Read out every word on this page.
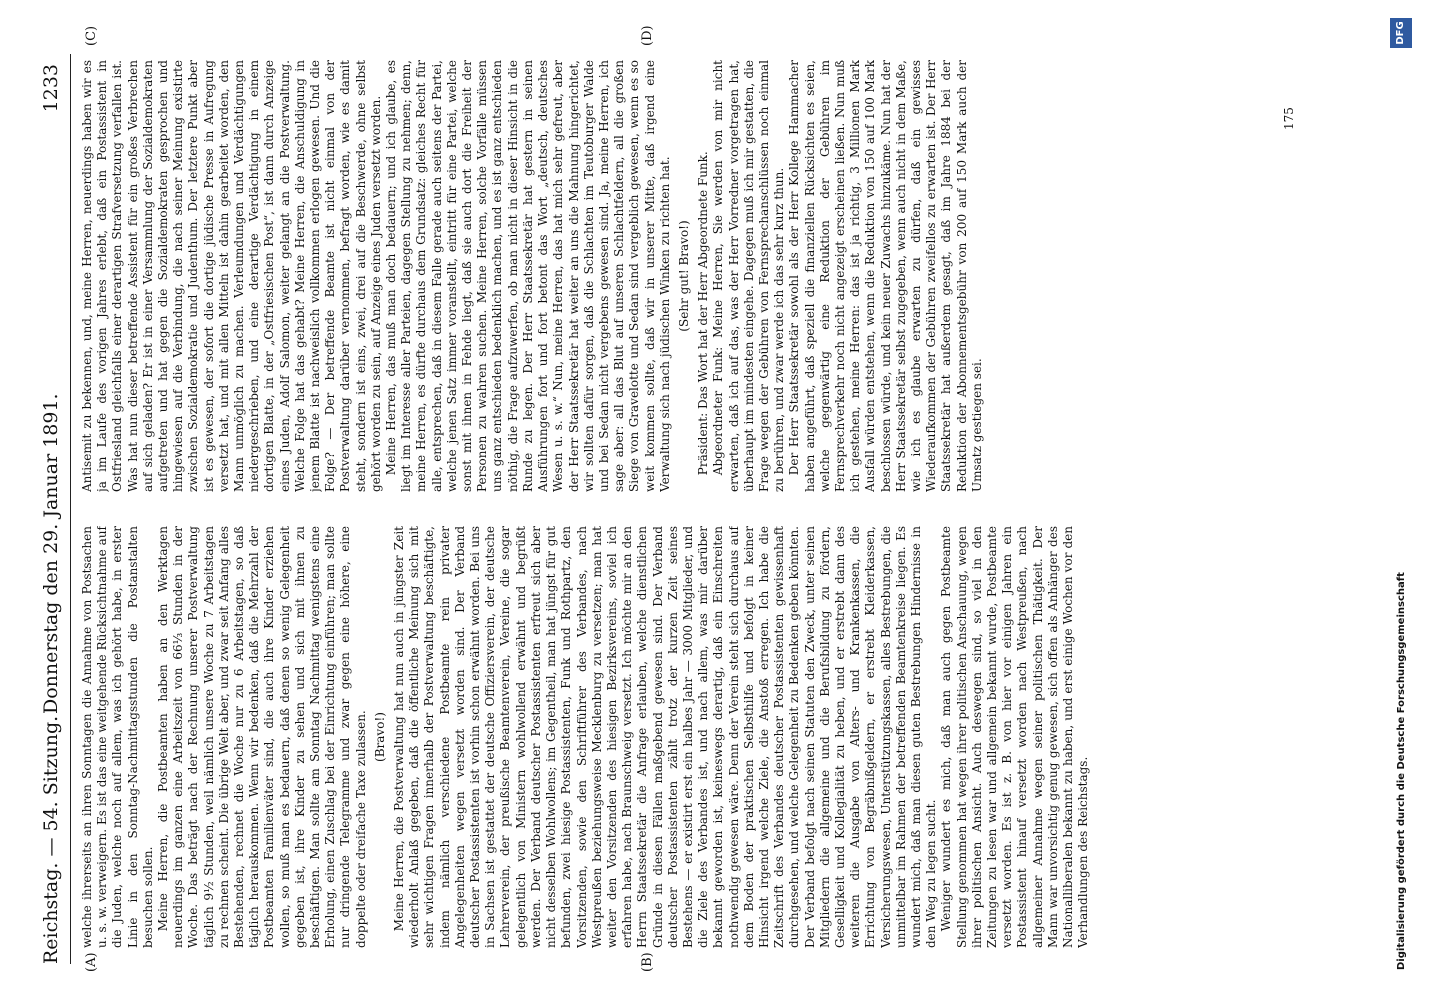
Reichstag. — 54. Sitzung.
Donnerstag den 29. Januar 1891.
1233
(A)	(B)
(C)	(D)

welche ihrerseits an ihren Sonntagen die Annahme von Postsachen u. s. w. verweigern. Es ist das eine weitgehende Rücksichtnahme auf die Juden, welche noch auf allem, was ich gehört habe, in erster Linie in den Sonntag-Nachmittagsstunden die Postanstalten besuchen sollen. Meine Herren, die Postbeamten haben an den Werktagen neuerdings im ganzen eine Arbeitszeit von 66⅓ Stunden in der Woche. Das beträgt nach der Rechnung unserer Postverwaltung täglich 9½ Stunden, weil nämlich unsere Woche zu 7 Arbeitstagen zu rechnen scheint. Die übrige Welt aber, und zwar seit Anfang alles Bestehenden, rechnet die Woche nur zu 6 Arbeitstagen, so daß täglich herauskommen. Wenn wir bedenken, daß die Mehrzahl der Postbeamten Familienväter sind, die auch ihre Kinder erziehen wollen, so muß man es bedauern, daß denen so wenig Gelegenheit gegeben ist, ihre Kinder zu sehen und sich mit ihnen zu beschäftigen. Man sollte am Sonntag Nachmittag wenigstens eine Erholung, einen Zuschlag bei der Einrichtung einführen; man sollte nur dringende Telegramme und zwar gegen eine höhere, eine doppelte oder dreifache Taxe zulassen. (Bravo!) Meine Herren, die Postverwaltung hat nun auch in jüngster Zeit wiederholt Anlaß gegeben, daß die öffentliche Meinung sich mit sehr wichtigen Fragen innerhalb der Postverwaltung beschäftigte, indem nämlich verschiedene Postbeamte rein privater Angelegenheiten wegen versetzt worden sind. Der Verband deutscher Postassistenten ist vorhin schon erwähnt worden. Bei uns in Sachsen ist gestattet der deutsche Offiziersverein, der deutsche Lehrerverein, der preußische Beamtenverein, Vereine, die sogar gelegentlich von Ministern wohlwollend erwähnt und begrüßt werden. Der Verband deutscher Postassistenten erfreut sich aber nicht desselben Wohlwollens; im Gegentheil, man hat jüngst für gut befunden, zwei hiesige Postassistenten, Funk und Rothpartz, den Vorsitzenden, sowie den Schriftführer des Verbandes, nach Westpreußen beziehungsweise Mecklenburg zu versetzen; man hat weiter den Vorsitzenden des hiesigen Bezirksvereins, soviel ich erfahren habe, nach Braunschweig versetzt. Ich möchte mir an den Herrn Staatssekretär die Anfrage erlauben, welche dienstlichen Gründe in diesen Fällen maßgebend gewesen sind. Der Verband deutscher Postassistenten zählt trotz der kurzen Zeit seines Bestehens — er existirt erst ein halbes Jahr — 3000 Mitglieder, und die Ziele des Verbandes ist, und nach allem, was mir darüber bekannt geworden ist, keineswegs derartig, daß ein Einschreiten nothwendig gewesen wäre. Denn der Verein steht sich durchaus auf dem Boden der praktischen Selbsthilfe und befolgt in keiner Hinsicht irgend welche Ziele, die Anstoß erregen. Ich habe die Zeitschrift des Verbandes deutscher Postassistenten gewissenhaft durchgesehen, und welche Gelegenheit zu Bedenken geben könnten. Der Verband befolgt nach seinen Statuten den Zweck, unter seinen Mitgliedern die allgemeine und die Berufsbildung zu fördern, Geselligkeit und Kollegialität zu heben, und er erstrebt dann des weiteren die Ausgabe von Alters- und Krankenkassen, die Errichtung von Begräbnißgeldern, er erstrebt Kleiderkassen, Versicherungswesen, Unterstützungskassen, alles Bestrebungen, die unmittelbar im Rahmen der betreffenden Beamtenkreise liegen. Es wundert mich, daß man diesen guten Bestrebungen Hindernisse in den Weg zu legen sucht. Weniger wundert es mich, daß man auch gegen Postbeamte Stellung genommen hat wegen ihrer politischen Anschauung, wegen ihrer politischen Ansicht. Auch deswegen sind, so viel in den Zeitungen zu lesen war und allgemein bekannt wurde, Postbeamte versetzt worden. Es ist z. B. von hier vor einigen Jahren ein Postassistent hinauf versetzt worden nach Westpreußen, nach allgemeiner Annahme wegen seiner politischen Thätigkeit. Der Mann war unvorsichtig genug gewesen, sich offen als Anhänger des Nationalliberalen bekannt zu haben, und erst einige Wochen vor den Verhandlungen des Reichstags.

Antisemit zu bekennen, und, meine Herren, neuerdings haben wir es ja im Laufe des vorigen Jahres erlebt, daß ein Postassistent in Ostfriesland gleichfalls einer derartigen Strafversetzung verfallen ist. Was hat nun dieser betreffende Assistent für ein großes Verbrechen auf sich geladen? Er ist in einer Versammlung der Sozialdemokraten aufgetreten und hat gegen die Sozialdemokraten gesprochen und hingewiesen auf die Verbindung, die nach seiner Meinung existirte zwischen Sozialdemokratie und Judenthum. Der letztere Punkt aber ist es gewesen, der sofort die dortige jüdische Presse in Aufregung versetzt hat, und mit allen Mitteln ist dahin gearbeitet worden, den Mann unmöglich zu machen. Verleumdungen und Verdächtigungen niedergeschrieben, und eine derartige Verdächtigung in einem dortigen Blatte, in der „Ostfriesischen Post“, ist dann durch Anzeige eines Juden, Adolf Salomon, weiter gelangt an die Postverwaltung. Welche Folge hat das gehabt? Meine Herren, die Anschuldigung in jenem Blatte ist nachweislich vollkommen erlogen gewesen. Und die Folge? — Der betreffende Beamte ist nicht einmal von der Postverwaltung darüber vernommen, befragt worden, wie es damit steht, sondern ist eins, zwei, drei auf die Beschwerde, ohne selbst gehört worden zu sein, auf Anzeige eines Juden versetzt worden. Meine Herren, das muß man doch bedauern; und ich glaube, es liegt im Interesse aller Parteien, dagegen Stellung zu nehmen; denn, meine Herren, es dürfte durchaus dem Grundsatz: gleiches Recht für alle, entsprechen, daß in diesem Falle gerade auch seitens der Partei, welche jenen Satz immer voranstellt, eintritt für eine Partei, welche sonst mit ihnen in Fehde liegt, daß sie auch dort die Freiheit der Personen zu wahren suchen. Meine Herren, solche Vorfälle müssen uns ganz entschieden bedenklich machen, und es ist ganz entschieden nöthig, die Frage aufzuwerfen, ob man nicht in dieser Hinsicht in die Runde zu legen. Der Herr Staatssekretär hat gestern in seinen Ausführungen fort und fort betont das Wort „deutsch, deutsches Wesen u. s. w.“ Nun, meine Herren, das hat mich sehr gefreut, aber der Herr Staatssekretär hat weiter an uns die Mahnung hingerichtet, wir sollten dafür sorgen, daß die Schlachten im Teutoburger Walde und bei Sedan nicht vergebens gewesen sind. Ja, meine Herren, ich sage aber: all das Blut auf unseren Schlachtfeldern, all die großen Siege von Gravelotte und Sedan sind vergeblich gewesen, wenn es so weit kommen sollte, daß wir in unserer Mitte, daß irgend eine Verwaltung sich nach jüdischen Winken zu richten hat. (Sehr gut! Bravo!) Präsident: Das Wort hat der Herr Abgeordnete Funk. Abgeordneter Funk: Meine Herren, Sie werden von mir nicht erwarten, daß ich auf das, was der Herr Vorredner vorgetragen hat, überhaupt im mindesten eingehe. Dagegen muß ich mir gestatten, die Frage wegen der Gebühren von Fernsprechanschlüssen noch einmal zu berühren, und zwar werde ich das sehr kurz thun. Der Herr Staatssekretär sowohl als der Herr Kollege Hammacher haben angeführt, daß speziell die finanziellen Rücksichten es seien, welche gegenwärtig eine Reduktion der Gebühren im Fernsprechverkehr noch nicht angezeigt erscheinen ließen. Nun muß ich gestehen, meine Herren: das ist ja richtig, 3 Millionen Mark Ausfall würden entstehen, wenn die Reduktion von 150 auf 100 Mark beschlossen würde, und kein neuer Zuwachs hinzukäme. Nun hat der Herr Staatssekretär selbst zugegeben, wenn auch nicht in dem Maße, wie ich es glaube erwarten zu dürfen, daß ein gewisses Wiederaufkommen der Gebühren zweifellos zu erwarten ist. Der Herr Staatssekretär hat außerdem gesagt, daß im Jahre 1884 bei der Reduktion der Abonnementsgebühr von 200 auf 150 Mark auch der Umsatz gestiegen sei.

175
Digitalisierung gefördert durch die Deutsche Forschungsgemeinschaft
DFG
